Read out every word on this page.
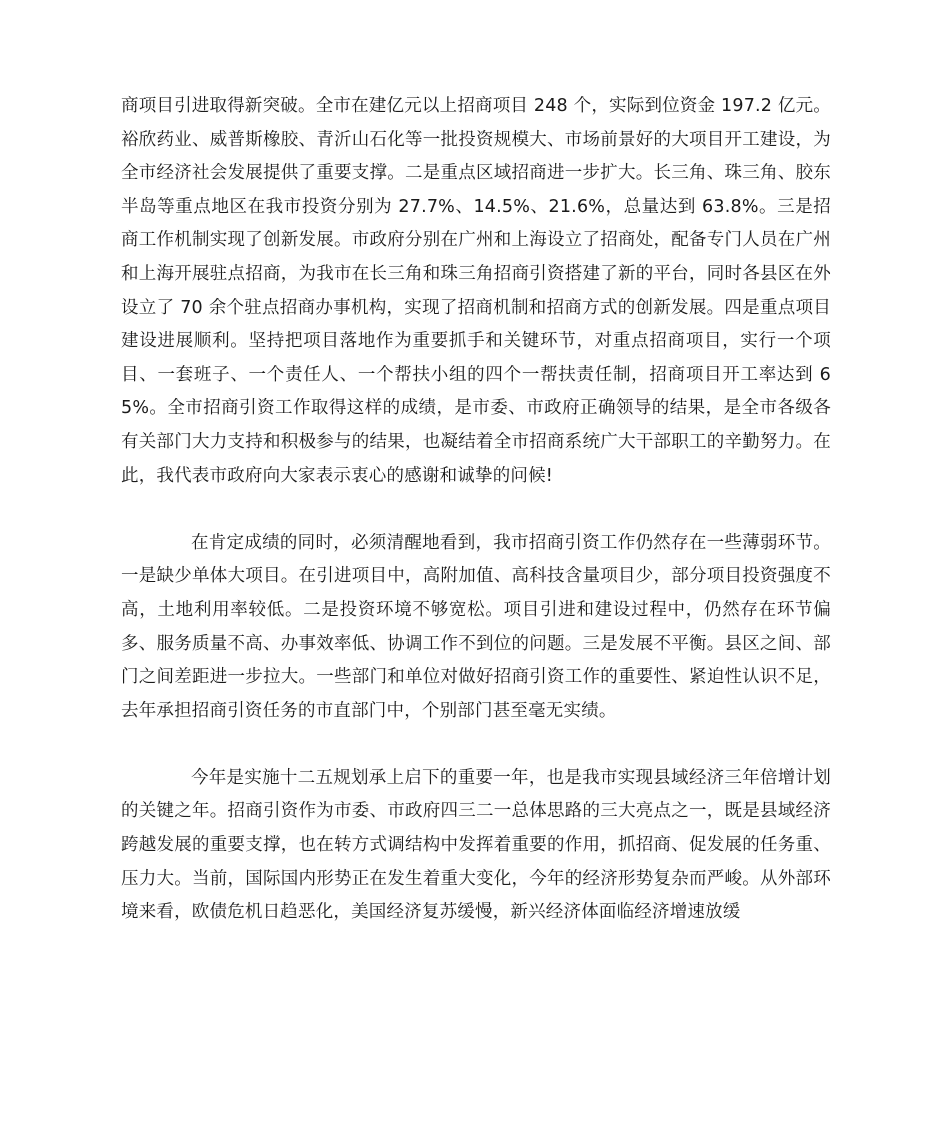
商项目引进取得新突破。全市在建亿元以上招商项目 248 个，实际到位资金 197.2 亿元。裕欣药业、威普斯橡胶、青沂山石化等一批投资规模大、市场前景好的大项目开工建设，为全市经济社会发展提供了重要支撑。二是重点区域招商进一步扩大。长三角、珠三角、胶东半岛等重点地区在我市投资分别为 27.7%、14.5%、21.6%，总量达到 63.8%。三是招商工作机制实现了创新发展。市政府分别在广州和上海设立了招商处，配备专门人员在广州和上海开展驻点招商，为我市在长三角和珠三角招商引资搭建了新的平台，同时各县区在外设立了 70 余个驻点招商办事机构，实现了招商机制和招商方式的创新发展。四是重点项目建设进展顺利。坚持把项目落地作为重要抓手和关键环节，对重点招商项目，实行一个项目、一套班子、一个责任人、一个帮扶小组的四个一帮扶责任制，招商项目开工率达到 65%。全市招商引资工作取得这样的成绩，是市委、市政府正确领导的结果，是全市各级各有关部门大力支持和积极参与的结果，也凝结着全市招商系统广大干部职工的辛勤努力。在此，我代表市政府向大家表示衷心的感谢和诚挚的问候!

在肯定成绩的同时，必须清醒地看到，我市招商引资工作仍然存在一些薄弱环节。一是缺少单体大项目。在引进项目中，高附加值、高科技含量项目少，部分项目投资强度不高，土地利用率较低。二是投资环境不够宽松。项目引进和建设过程中，仍然存在环节偏多、服务质量不高、办事效率低、协调工作不到位的问题。三是发展不平衡。县区之间、部门之间差距进一步拉大。一些部门和单位对做好招商引资工作的重要性、紧迫性认识不足，去年承担招商引资任务的市直部门中，个别部门甚至毫无实绩。

今年是实施十二五规划承上启下的重要一年，也是我市实现县域经济三年倍增计划的关键之年。招商引资作为市委、市政府四三二一总体思路的三大亮点之一，既是县域经济跨越发展的重要支撑，也在转方式调结构中发挥着重要的作用，抓招商、促发展的任务重、压力大。当前，国际国内形势正在发生着重大变化，今年的经济形势复杂而严峻。从外部环境来看，欧债危机日趋恶化，美国经济复苏缓慢，新兴经济体面临经济增速放缓
